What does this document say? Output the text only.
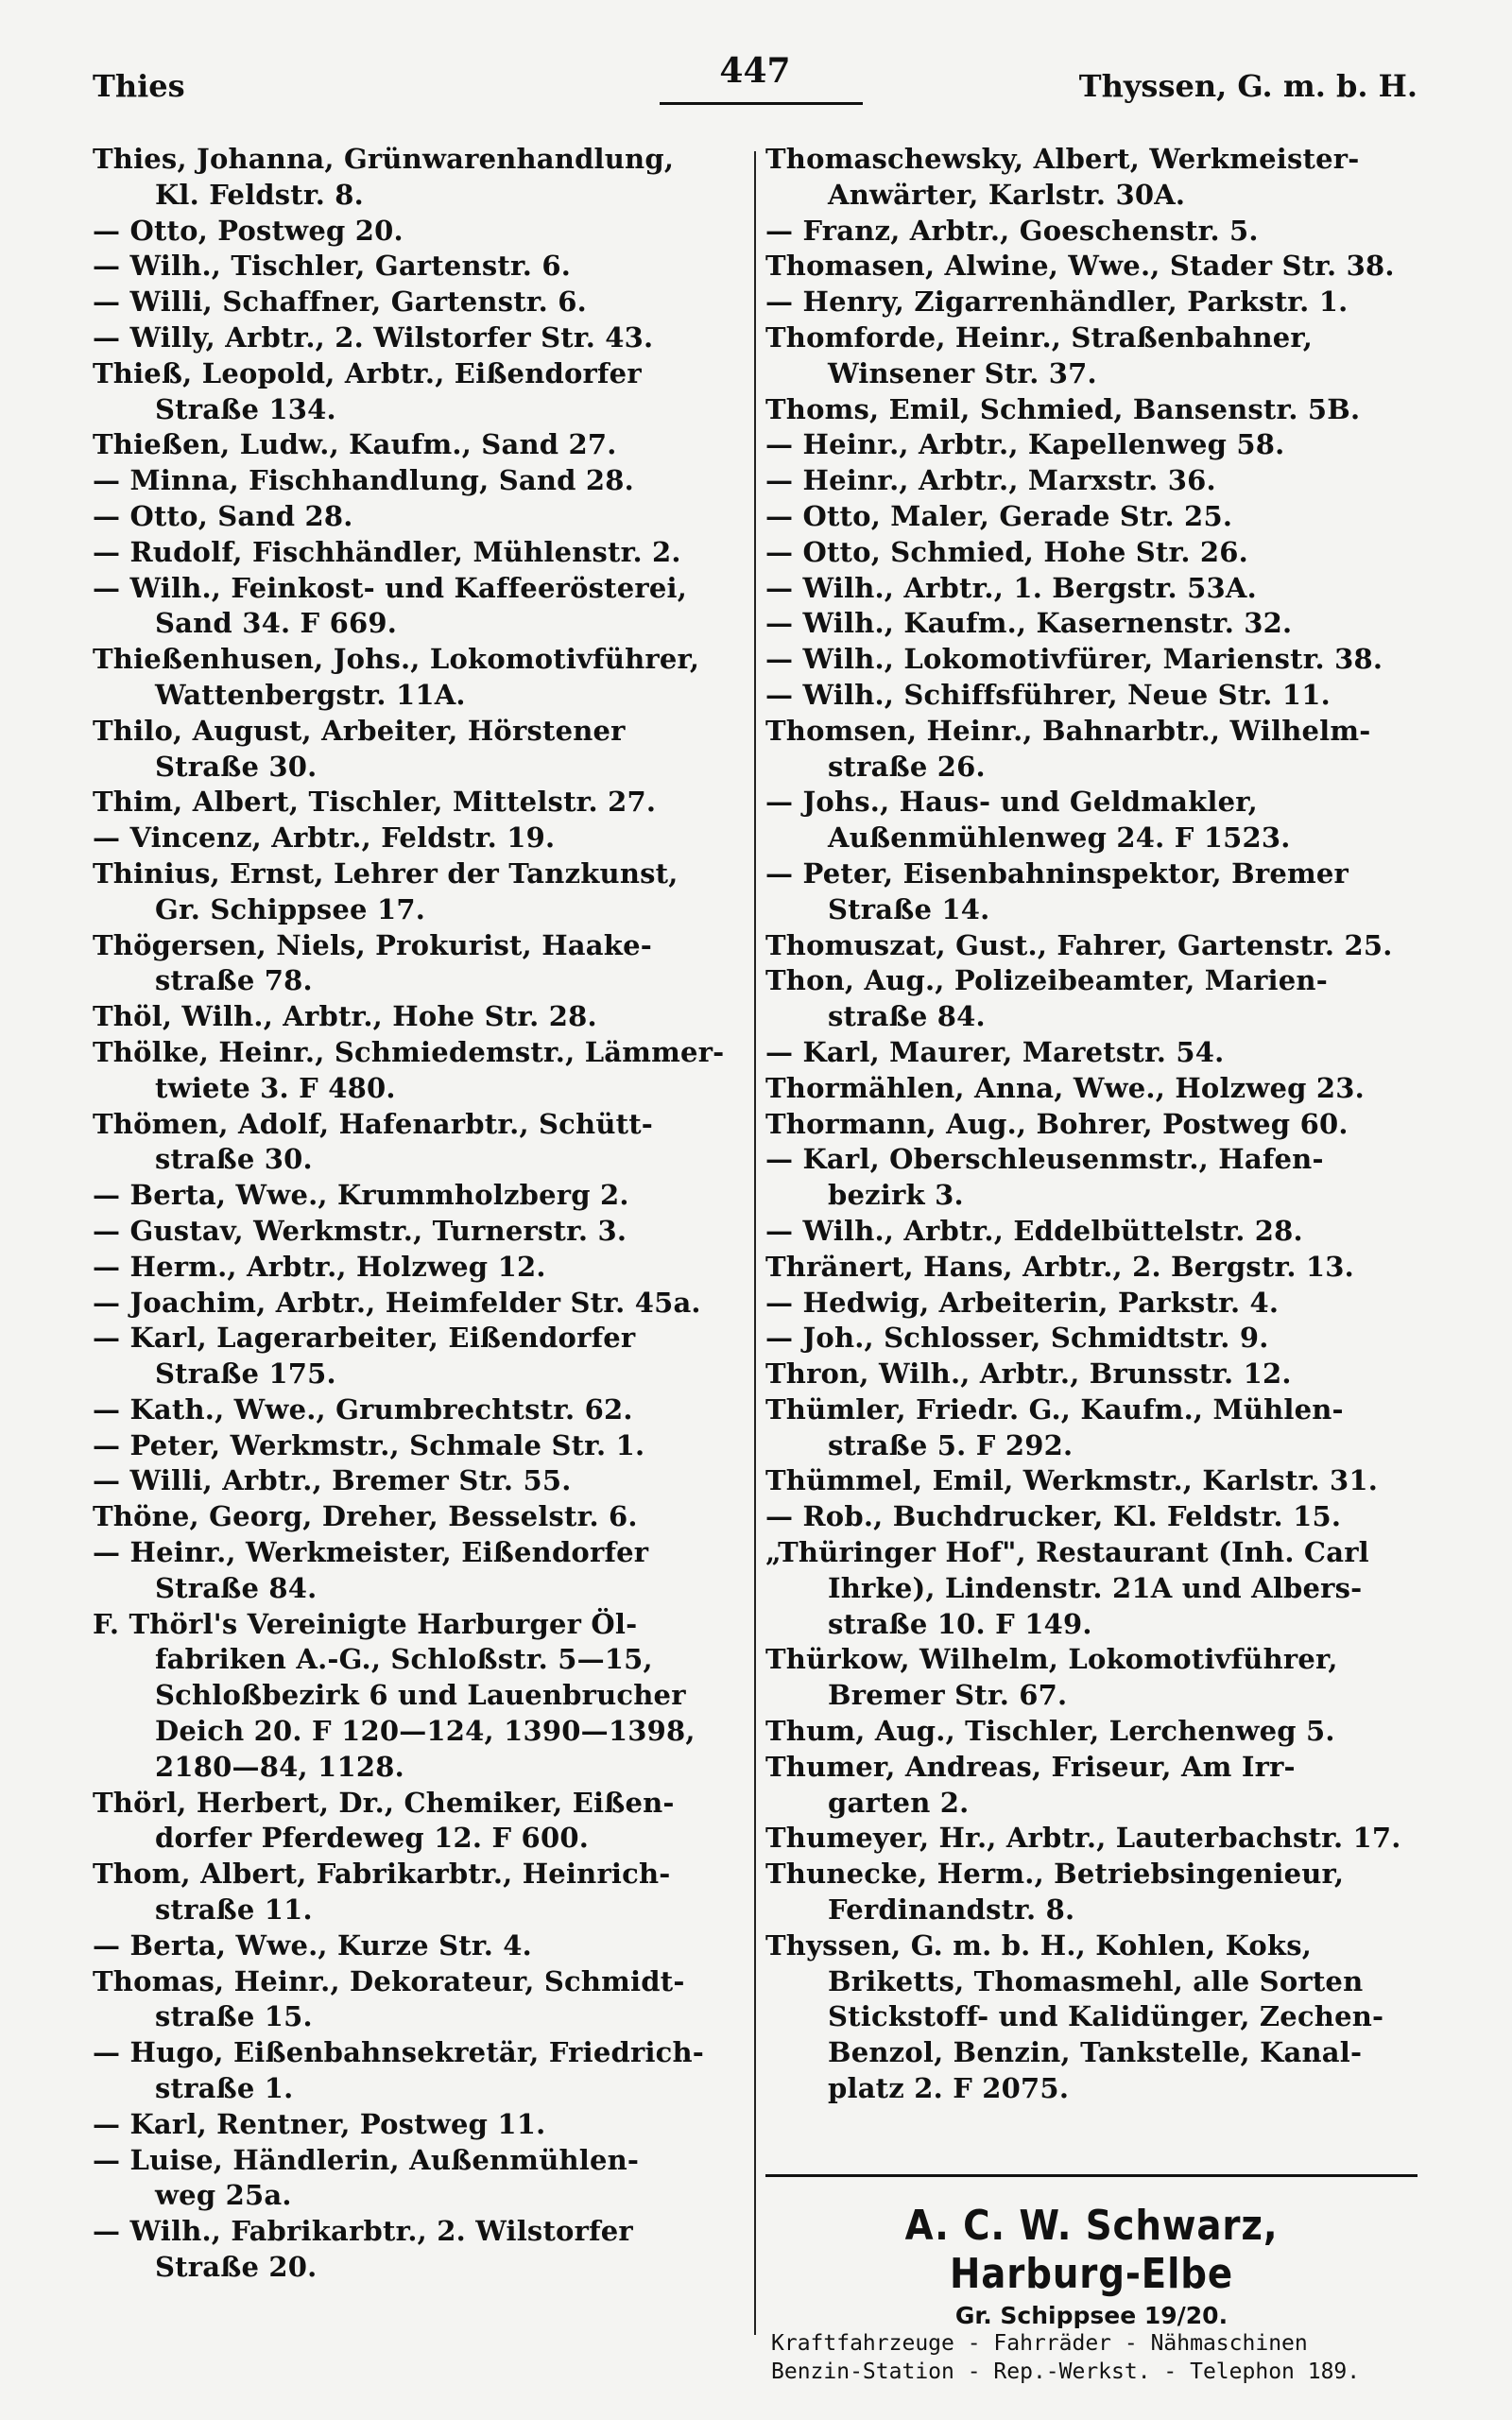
Thies	447	Thyssen, G. m. b. H.
Thies, Johanna, Grünwarenhandlung,
Kl. Feldstr. 8.
— Otto, Postweg 20.
— Wilh., Tischler, Gartenstr. 6.
— Willi, Schaffner, Gartenstr. 6.
— Willy, Arbtr., 2. Wilstorfer Str. 43.
Thieß, Leopold, Arbtr., Eißendorfer
Straße 134.
Thießen, Ludw., Kaufm., Sand 27.
— Minna, Fischhandlung, Sand 28.
— Otto, Sand 28.
— Rudolf, Fischhändler, Mühlenstr. 2.
— Wilh., Feinkost- und Kaffeerösterei,
Sand 34. F 669.
Thießenhusen, Johs., Lokomotivführer,
Wattenbergstr. 11A.
Thilo, August, Arbeiter, Hörstener
Straße 30.
Thim, Albert, Tischler, Mittelstr. 27.
— Vincenz, Arbtr., Feldstr. 19.
Thinius, Ernst, Lehrer der Tanzkunst,
Gr. Schippsee 17.
Thögersen, Niels, Prokurist, Haake-
straße 78.
Thöl, Wilh., Arbtr., Hohe Str. 28.
Thölke, Heinr., Schmiedemstr., Lämmer-
twiete 3. F 480.
Thömen, Adolf, Hafenarbtr., Schütt-
straße 30.
— Berta, Wwe., Krummholzberg 2.
— Gustav, Werkmstr., Turnerstr. 3.
— Herm., Arbtr., Holzweg 12.
— Joachim, Arbtr., Heimfelder Str. 45a.
— Karl, Lagerarbeiter, Eißendorfer
Straße 175.
— Kath., Wwe., Grumbrechtstr. 62.
— Peter, Werkmstr., Schmale Str. 1.
— Willi, Arbtr., Bremer Str. 55.
Thöne, Georg, Dreher, Besselstr. 6.
— Heinr., Werkmeister, Eißendorfer
Straße 84.
F. Thörl's Vereinigte Harburger Öl-
fabriken A.-G., Schloßstr. 5—15,
Schloßbezirk 6 und Lauenbrucher
Deich 20. F 120—124, 1390—1398,
2180—84, 1128.
Thörl, Herbert, Dr., Chemiker, Eißen-
dorfer Pferdeweg 12. F 600.
Thom, Albert, Fabrikarbtr., Heinrich-
straße 11.
— Berta, Wwe., Kurze Str. 4.
Thomas, Heinr., Dekorateur, Schmidt-
straße 15.
— Hugo, Eißenbahnsekretär, Friedrich-
straße 1.
— Karl, Rentner, Postweg 11.
— Luise, Händlerin, Außenmühlen-
weg 25a.
— Wilh., Fabrikarbtr., 2. Wilstorfer
Straße 20.
Thomaschewsky, Albert, Werkmeister-
Anwärter, Karlstr. 30A.
— Franz, Arbtr., Goeschenstr. 5.
Thomasen, Alwine, Wwe., Stader Str. 38.
— Henry, Zigarrenhändler, Parkstr. 1.
Thomforde, Heinr., Straßenbahner,
Winsener Str. 37.
Thoms, Emil, Schmied, Bansenstr. 5B.
— Heinr., Arbtr., Kapellenweg 58.
— Heinr., Arbtr., Marxstr. 36.
— Otto, Maler, Gerade Str. 25.
— Otto, Schmied, Hohe Str. 26.
— Wilh., Arbtr., 1. Bergstr. 53A.
— Wilh., Kaufm., Kasernenstr. 32.
— Wilh., Lokomotivfürer, Marienstr. 38.
— Wilh., Schiffsführer, Neue Str. 11.
Thomsen, Heinr., Bahnarbtr., Wilhelm-
straße 26.
— Johs., Haus- und Geldmakler,
Außenmühlenweg 24. F 1523.
— Peter, Eisenbahninspektor, Bremer
Straße 14.
Thomuszat, Gust., Fahrer, Gartenstr. 25.
Thon, Aug., Polizeibeamter, Marien-
straße 84.
— Karl, Maurer, Maretstr. 54.
Thormählen, Anna, Wwe., Holzweg 23.
Thormann, Aug., Bohrer, Postweg 60.
— Karl, Oberschleusenmstr., Hafen-
bezirk 3.
— Wilh., Arbtr., Eddelbüttelstr. 28.
Thränert, Hans, Arbtr., 2. Bergstr. 13.
— Hedwig, Arbeiterin, Parkstr. 4.
— Joh., Schlosser, Schmidtstr. 9.
Thron, Wilh., Arbtr., Brunsstr. 12.
Thümler, Friedr. G., Kaufm., Mühlen-
straße 5. F 292.
Thümmel, Emil, Werkmstr., Karlstr. 31.
— Rob., Buchdrucker, Kl. Feldstr. 15.
„Thüringer Hof", Restaurant (Inh. Carl
Ihrke), Lindenstr. 21A und Albers-
straße 10. F 149.
Thürkow, Wilhelm, Lokomotivführer,
Bremer Str. 67.
Thum, Aug., Tischler, Lerchenweg 5.
Thumer, Andreas, Friseur, Am Irr-
garten 2.
Thumeyer, Hr., Arbtr., Lauterbachstr. 17.
Thunecke, Herm., Betriebsingenieur,
Ferdinandstr. 8.
Thyssen, G. m. b. H., Kohlen, Koks,
Briketts, Thomasmehl, alle Sorten
Stickstoff- und Kalidünger, Zechen-
Benzol, Benzin, Tankstelle, Kanal-
platz 2. F 2075.
A. C. W. Schwarz, Harburg-Elbe
Gr. Schippsee 19/20.
Kraftfahrzeuge - Fahrräder - Nähmaschinen
Benzin-Station - Rep.-Werkst. - Telephon 189.
